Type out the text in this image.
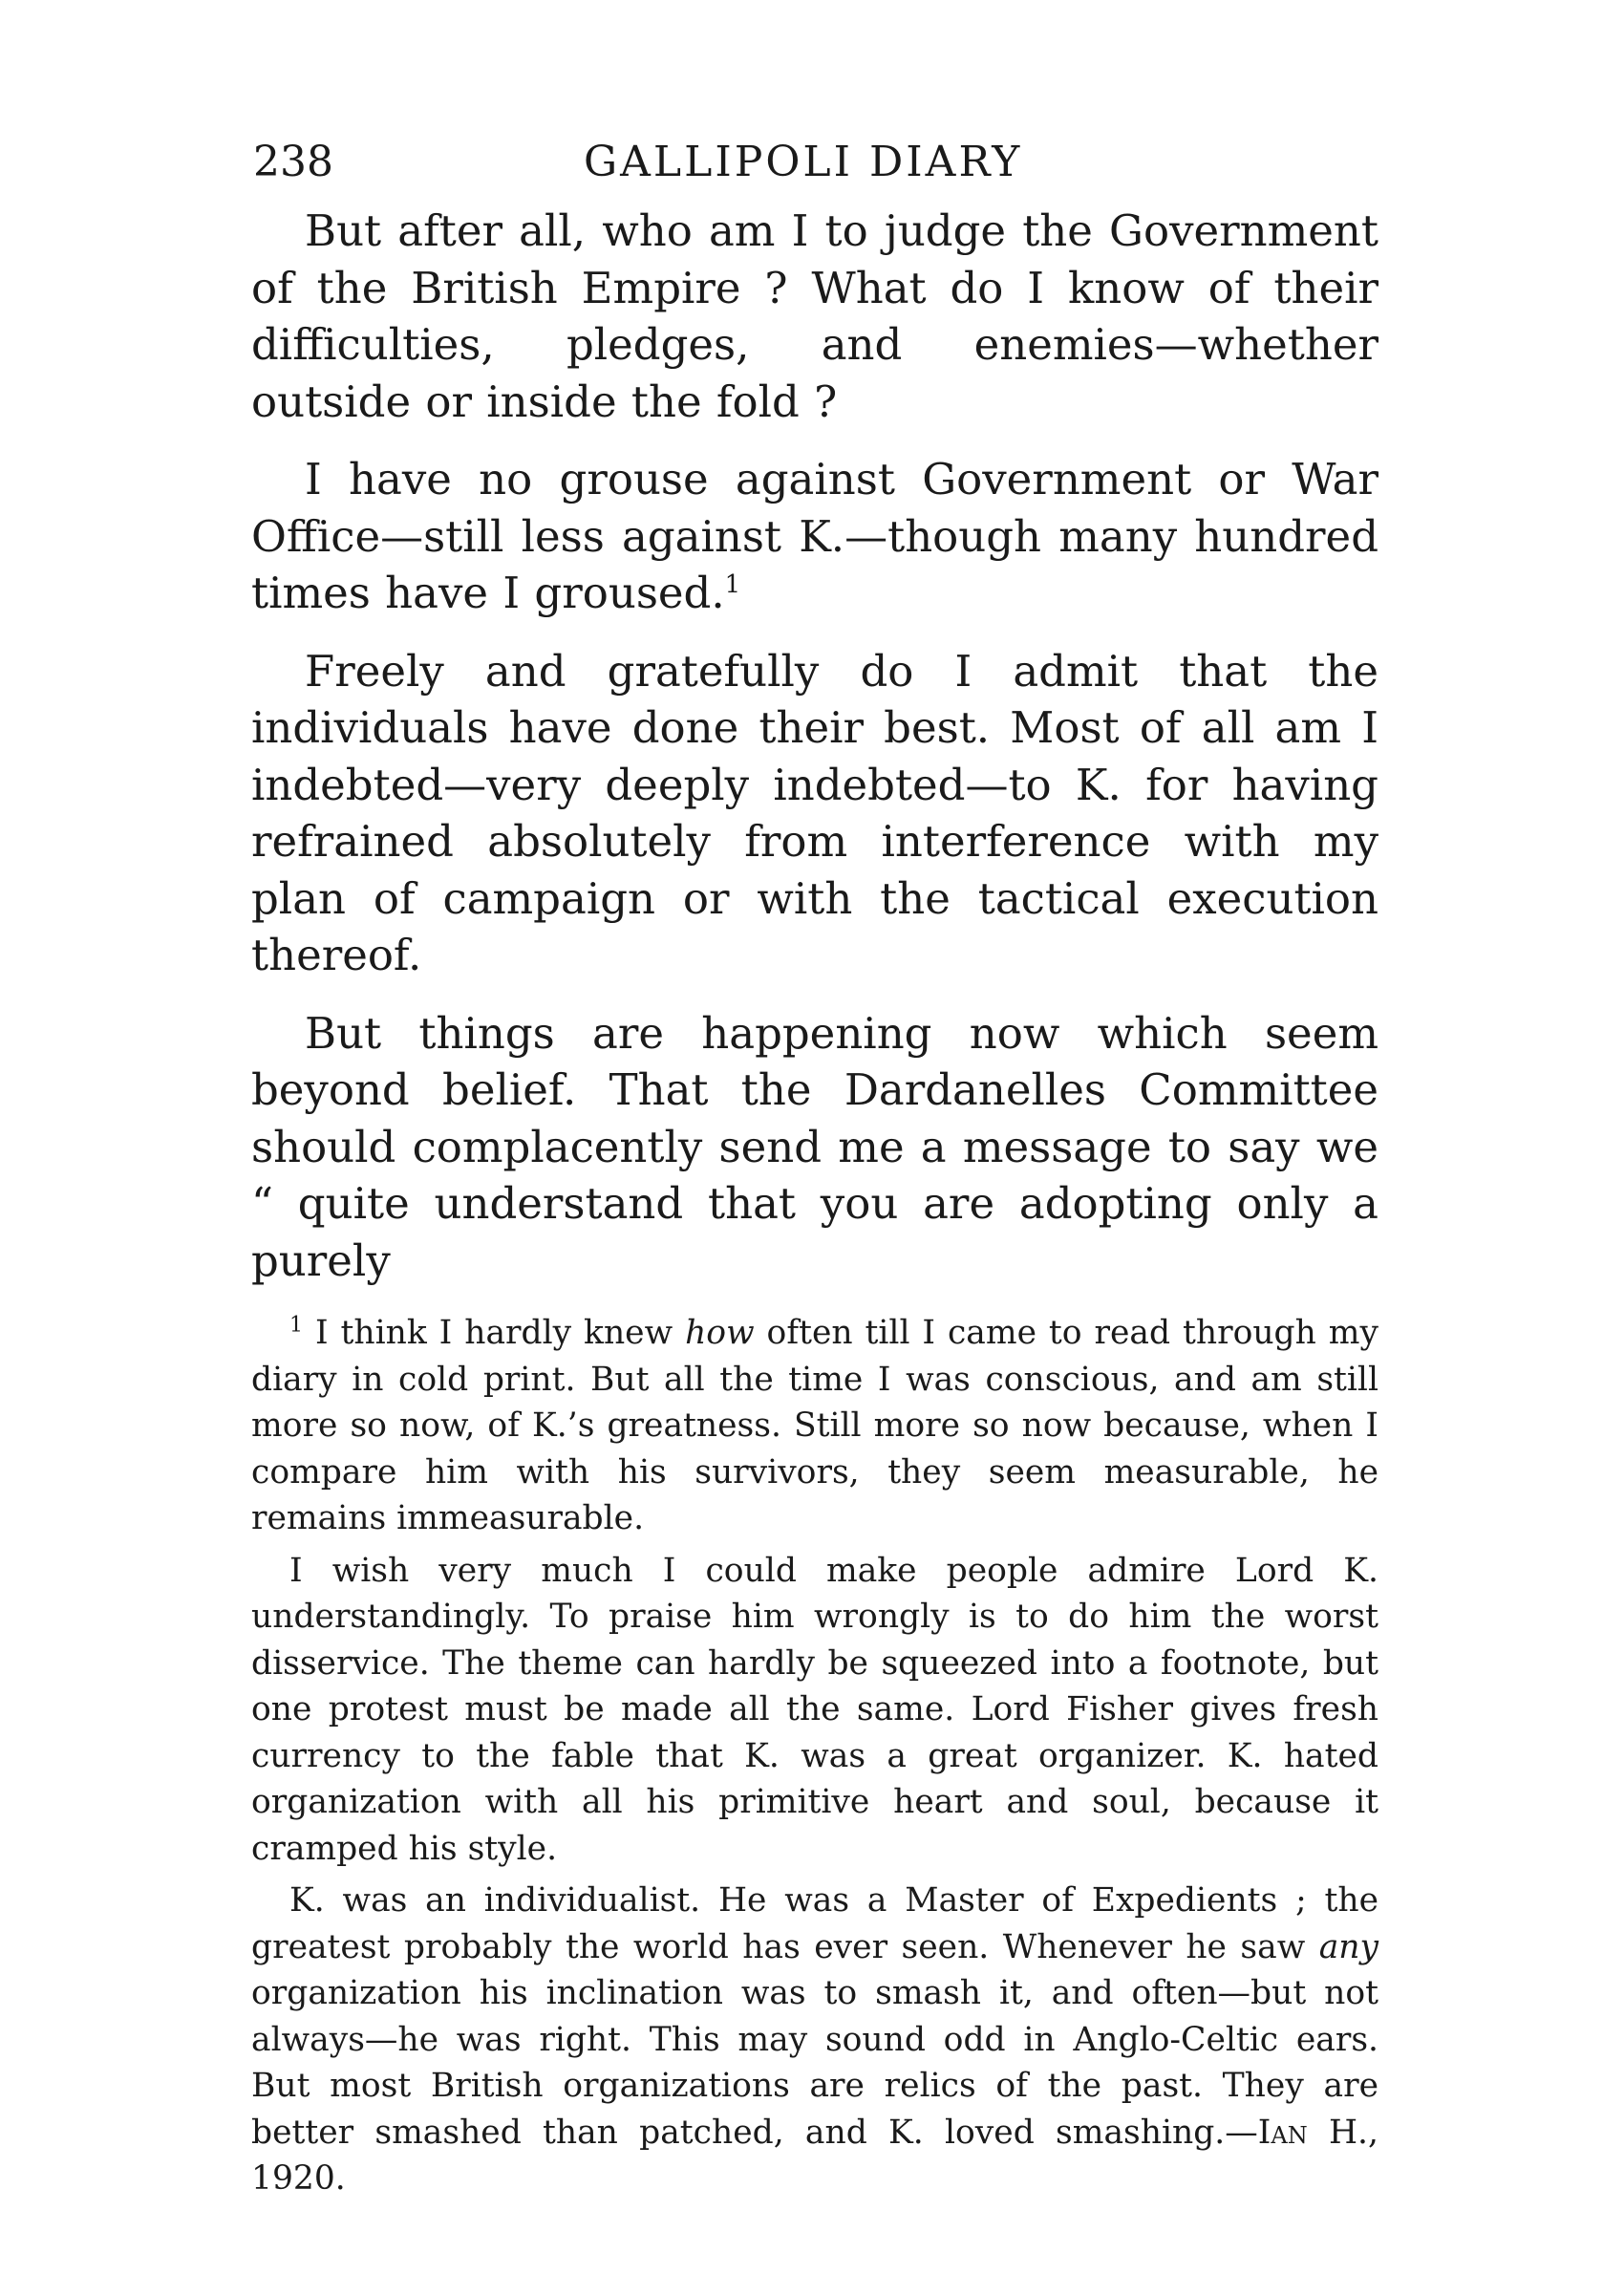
238	GALLIPOLI DIARY

But after all, who am I to judge the Government of the British Empire ? What do I know of their difficulties, pledges, and enemies—whether outside or inside the fold ?

I have no grouse against Government or War Office—still less against K.—though many hundred times have I groused.$^1$

Freely and gratefully do I admit that the individuals have done their best. Most of all am I indebted—very deeply indebted—to K. for having refrained absolutely from interference with my plan of campaign or with the tactical execution thereof.

But things are happening now which seem beyond belief. That the Dardanelles Committee should complacently send me a message to say we “ quite understand that you are adopting only a purely

$^1$ I think I hardly knew how often till I came to read through my diary in cold print. But all the time I was conscious, and am still more so now, of K.’s greatness. Still more so now because, when I compare him with his survivors, they seem measurable, he remains immeasurable.

I wish very much I could make people admire Lord K. understandingly. To praise him wrongly is to do him the worst disservice. The theme can hardly be squeezed into a footnote, but one protest must be made all the same. Lord Fisher gives fresh currency to the fable that K. was a great organizer. K. hated organization with all his primitive heart and soul, because it cramped his style.

K. was an individualist. He was a Master of Expedients ; the greatest probably the world has ever seen. Whenever he saw any organization his inclination was to smash it, and often—but not always—he was right. This may sound odd in Anglo-Celtic ears. But most British organizations are relics of the past. They are better smashed than patched, and K. loved smashing.—Ian H., 1920.
